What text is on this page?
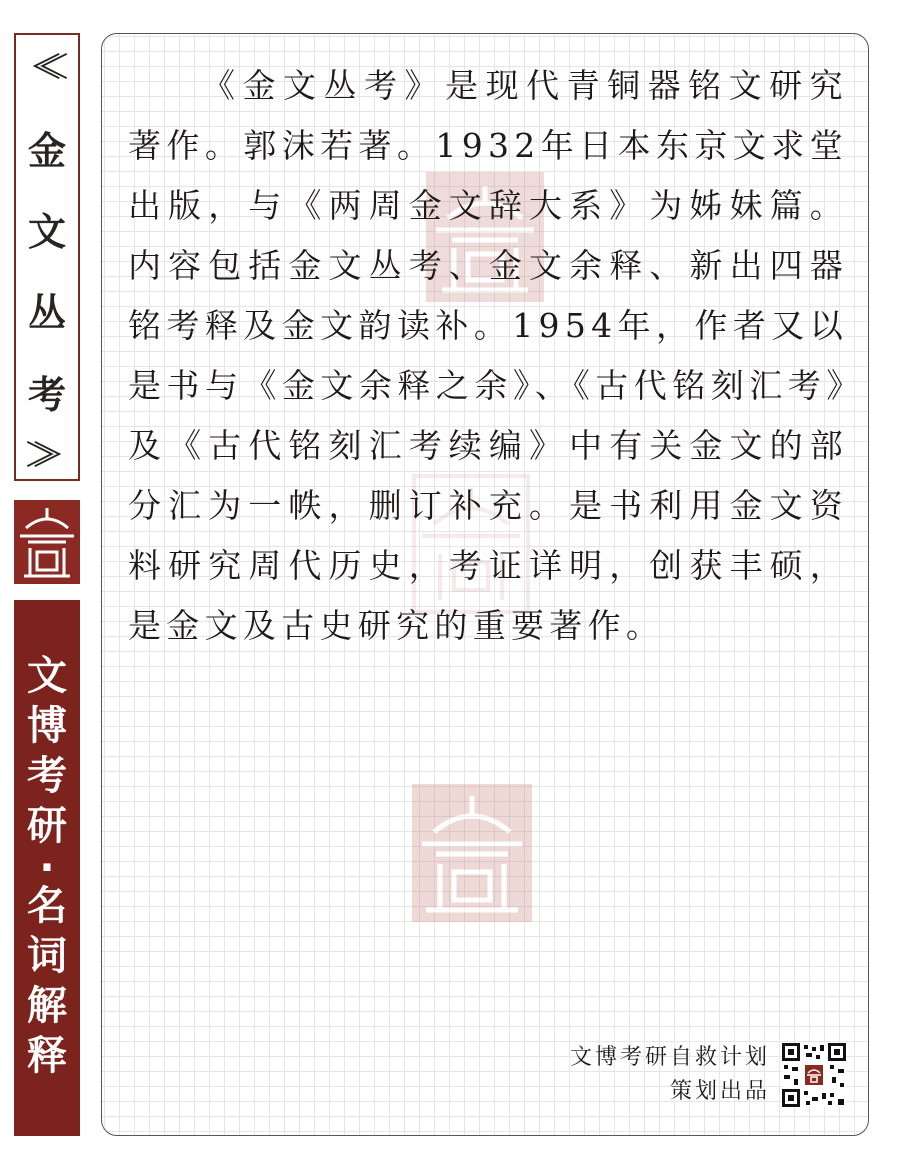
金
文
丛
考
文
博
考
研
·
名
词
解
释

《金文丛考》是现代青铜器铭文研究著作。郭沫若著。1932年日本东京文求堂出版，与《两周金文辞大系》为姊妹篇。内容包括金文丛考、金文余释、新出四器铭考释及金文韵读补。1954年，作者又以是书与《金文余释之余》、《古代铭刻汇考》及《古代铭刻汇考续编》中有关金文的部分汇为一帙，删订补充。是书利用金文资料研究周代历史，考证详明，创获丰硕，是金文及古史研究的重要著作。

文博考研自救计划
策划出品
